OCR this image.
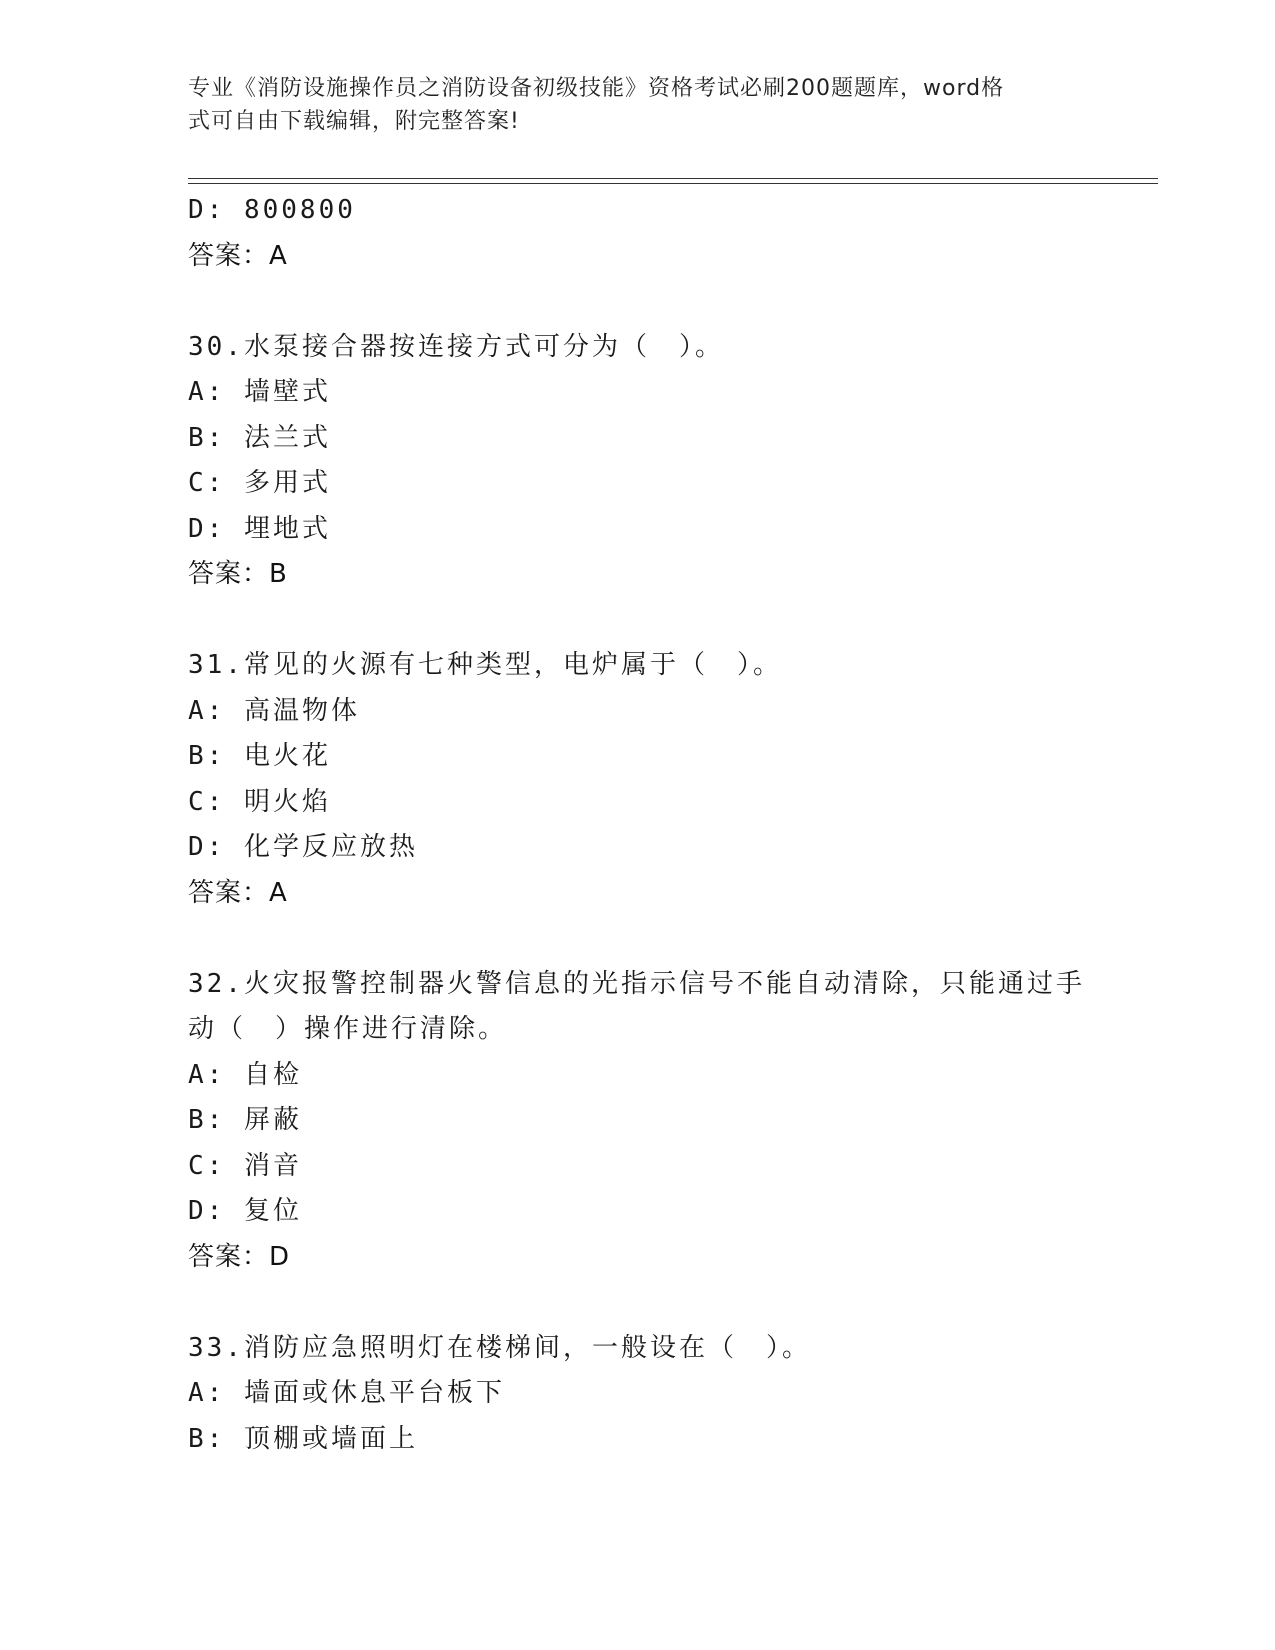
专业《消防设施操作员之消防设备初级技能》资格考试必刷200题题库，word格
式可自由下载编辑，附完整答案!
D: 800800
答案：A
30.水泵接合器按连接方式可分为（　）。
A: 墙壁式
B: 法兰式
C: 多用式
D: 埋地式
答案：B
31.常见的火源有七种类型，电炉属于（　）。
A: 高温物体
B: 电火花
C: 明火焰
D: 化学反应放热
答案：A
32.火灾报警控制器火警信息的光指示信号不能自动清除，只能通过手
动（　）操作进行清除。
A: 自检
B: 屏蔽
C: 消音
D: 复位
答案：D
33.消防应急照明灯在楼梯间，一般设在（　）。
A: 墙面或休息平台板下
B: 顶棚或墙面上
